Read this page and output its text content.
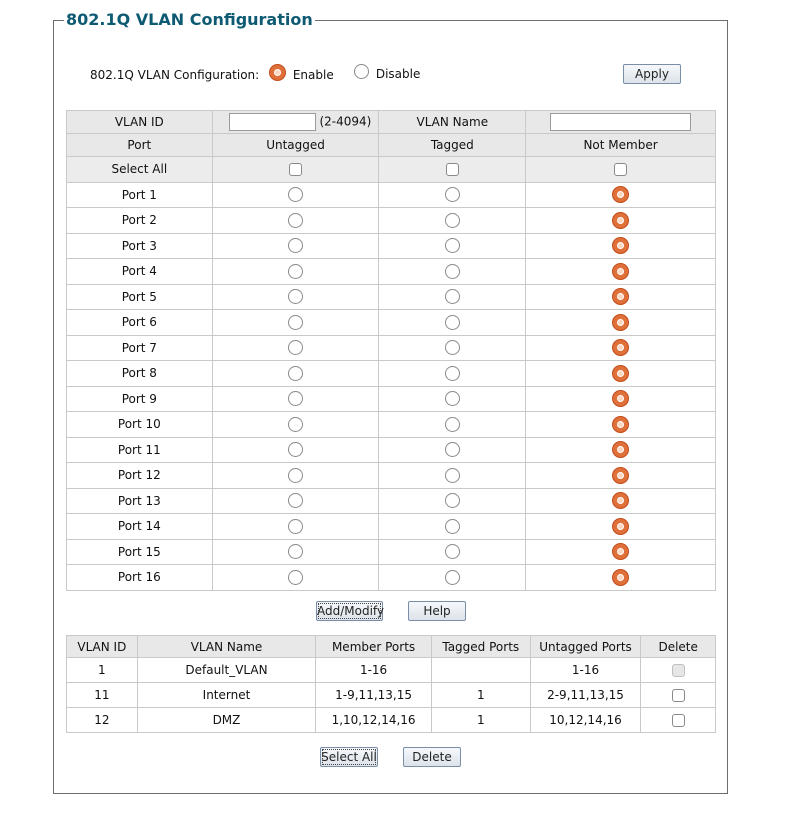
802.1Q VLAN Configuration
802.1Q VLAN Configuration:	Enable	Disable	Apply
VLAN ID	(2-4094)	VLAN Name	
Port	Untagged	Tagged	Not Member
Select All			
Port 1			
Port 2			
Port 3			
Port 4			
Port 5			
Port 6			
Port 7			
Port 8			
Port 9			
Port 10			
Port 11			
Port 12			
Port 13			
Port 14			
Port 15			
Port 16			
Add/Modify	Help
VLAN ID	VLAN Name	Member Ports	Tagged Ports	Untagged Ports	Delete
1	Default_VLAN	1-16		1-16	
11	Internet	1-9,11,13,15	1	2-9,11,13,15	
12	DMZ	1,10,12,14,16	1	10,12,14,16	
Select All	Delete
